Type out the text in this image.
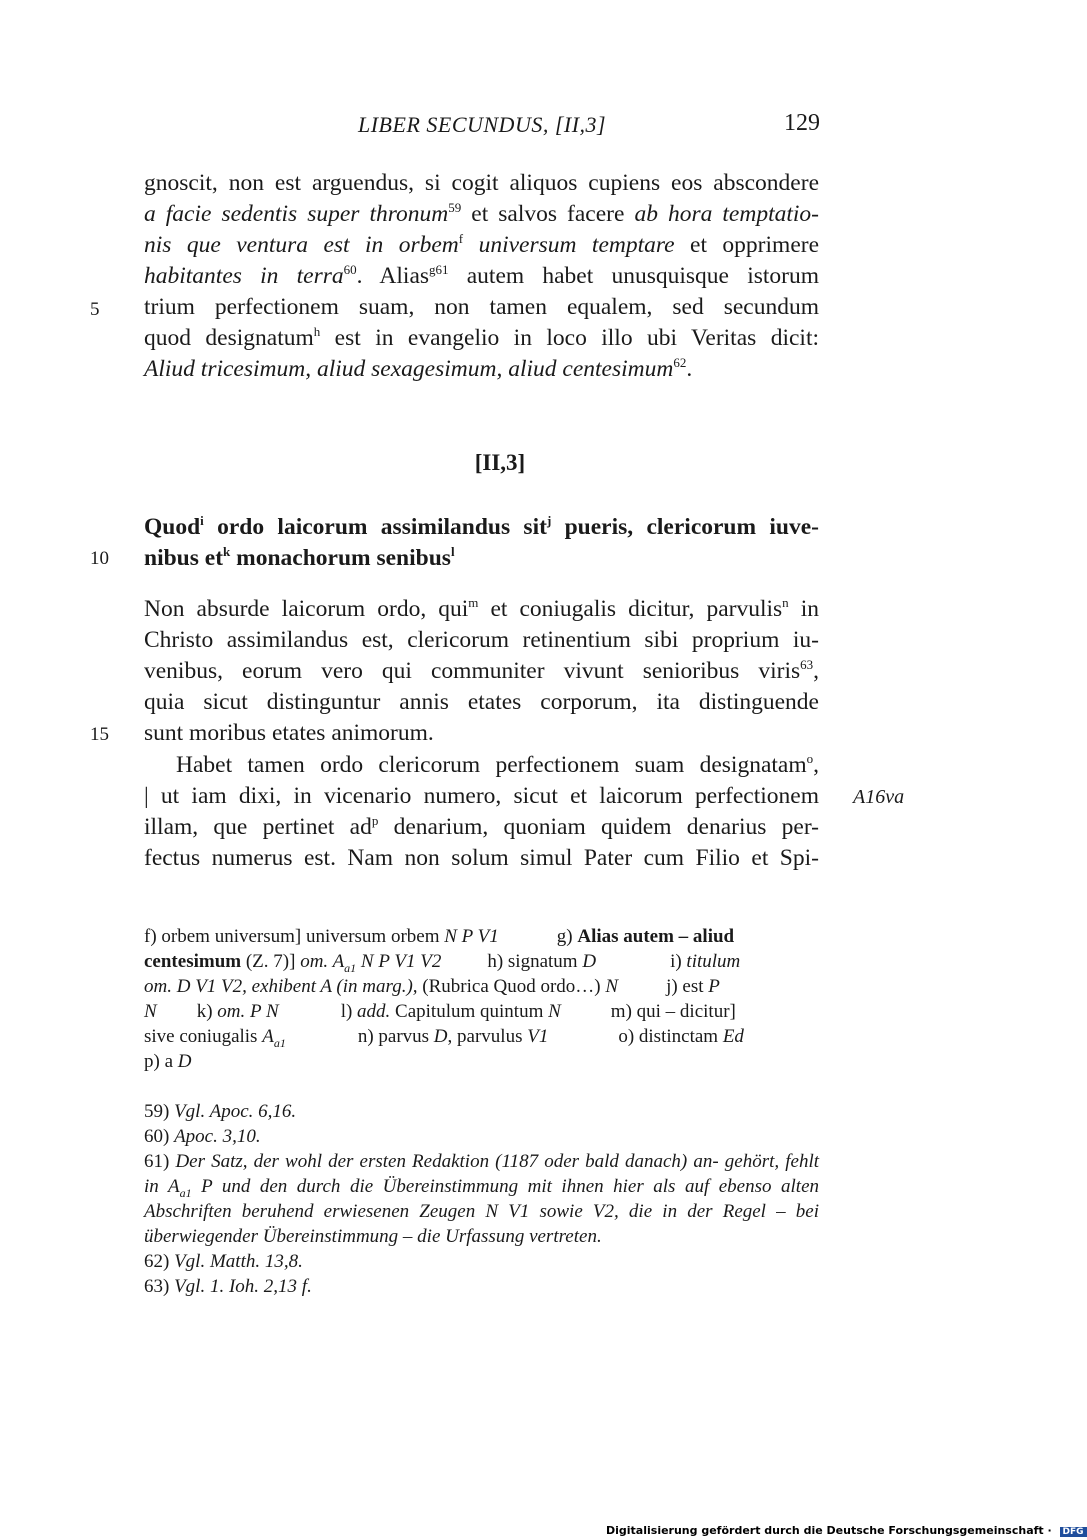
LIBER SECUNDUS, [II,3]	129
gnoscit, non est arguendus, si cogit aliquos cupiens eos abscondere
a facie sedentis super thronum$^{59}$ et salvos facere ab hora temptatio-
nis que ventura est in orbem$^f$ universum temptare et opprimere
habitantes in terra$^{60}$. Alias$^{g61}$ autem habet unusquisque istorum
5 trium perfectionem suam, non tamen equalem, sed secundum
quod designatum$^h$ est in evangelio in loco illo ubi Veritas dicit:
Aliud tricesimum, aliud sexagesimum, aliud centesimum$^{62}$.
[II,3]
Quod$^i$ ordo laicorum assimilandus sit$^j$ pueris, clericorum iuve-
10 nibus $et^k$ monachorum senibus$^l$
Non absurde laicorum ordo, qui$^m$ et coniugalis dicitur, parvulis$^n$ in
Christo assimilandus est, clericorum retinentium sibi proprium iu-
venibus, eorum vero qui communiter vivunt senioribus viris$^{63}$,
quia sicut distinguntur annis etates corporum, ita distinguende
15 sunt moribus etates animorum.
Habet tamen ordo clericorum perfectionem suam designatam$^o$,
| ut iam dixi, in vicenario numero, sicut et laicorum perfectionem A16va
illam, que pertinet $ad^p$ denarium, quoniam quidem denarius per-
fectus numerus est. Nam non solum simul Pater cum Filio et Spi-
f) orbem universum] universum orbem N P V1	g) Alias autem – aliud
centesimum (Z. 7)] om. $A_{a1}$ N P V1 V2 h) signatum D	i) titulum
om. D V1 V2, exhibent A (in marg.), (Rubrica Quod ordo…) N	j) est P
N k) om. P N	l) add. Capitulum quintum N	m) qui – dicitur]
sive coniugalis $A_{a1}$	n) parvus D, parvulus V1	o) distinctam Ed
p) a D
59) Vgl. Apoc. 6,16.
60) Apoc. 3,10.
61) Der Satz, der wohl der ersten Redaktion (1187 oder bald danach) an- gehört, fehlt in $A_{a1}$ P und den durch die Übereinstimmung mit ihnen hier als auf ebenso alten Abschriften beruhend erwiesenen Zeugen N V1 sowie V2, die in der Regel – bei überwiegender Übereinstimmung – die Urfassung vertreten.
62) Vgl. Matth. 13,8.
63) Vgl. 1. Ioh. 2,13 f.
Digitalisierung gefördert durch die Deutsche Forschungsgemeinschaft · DFG
